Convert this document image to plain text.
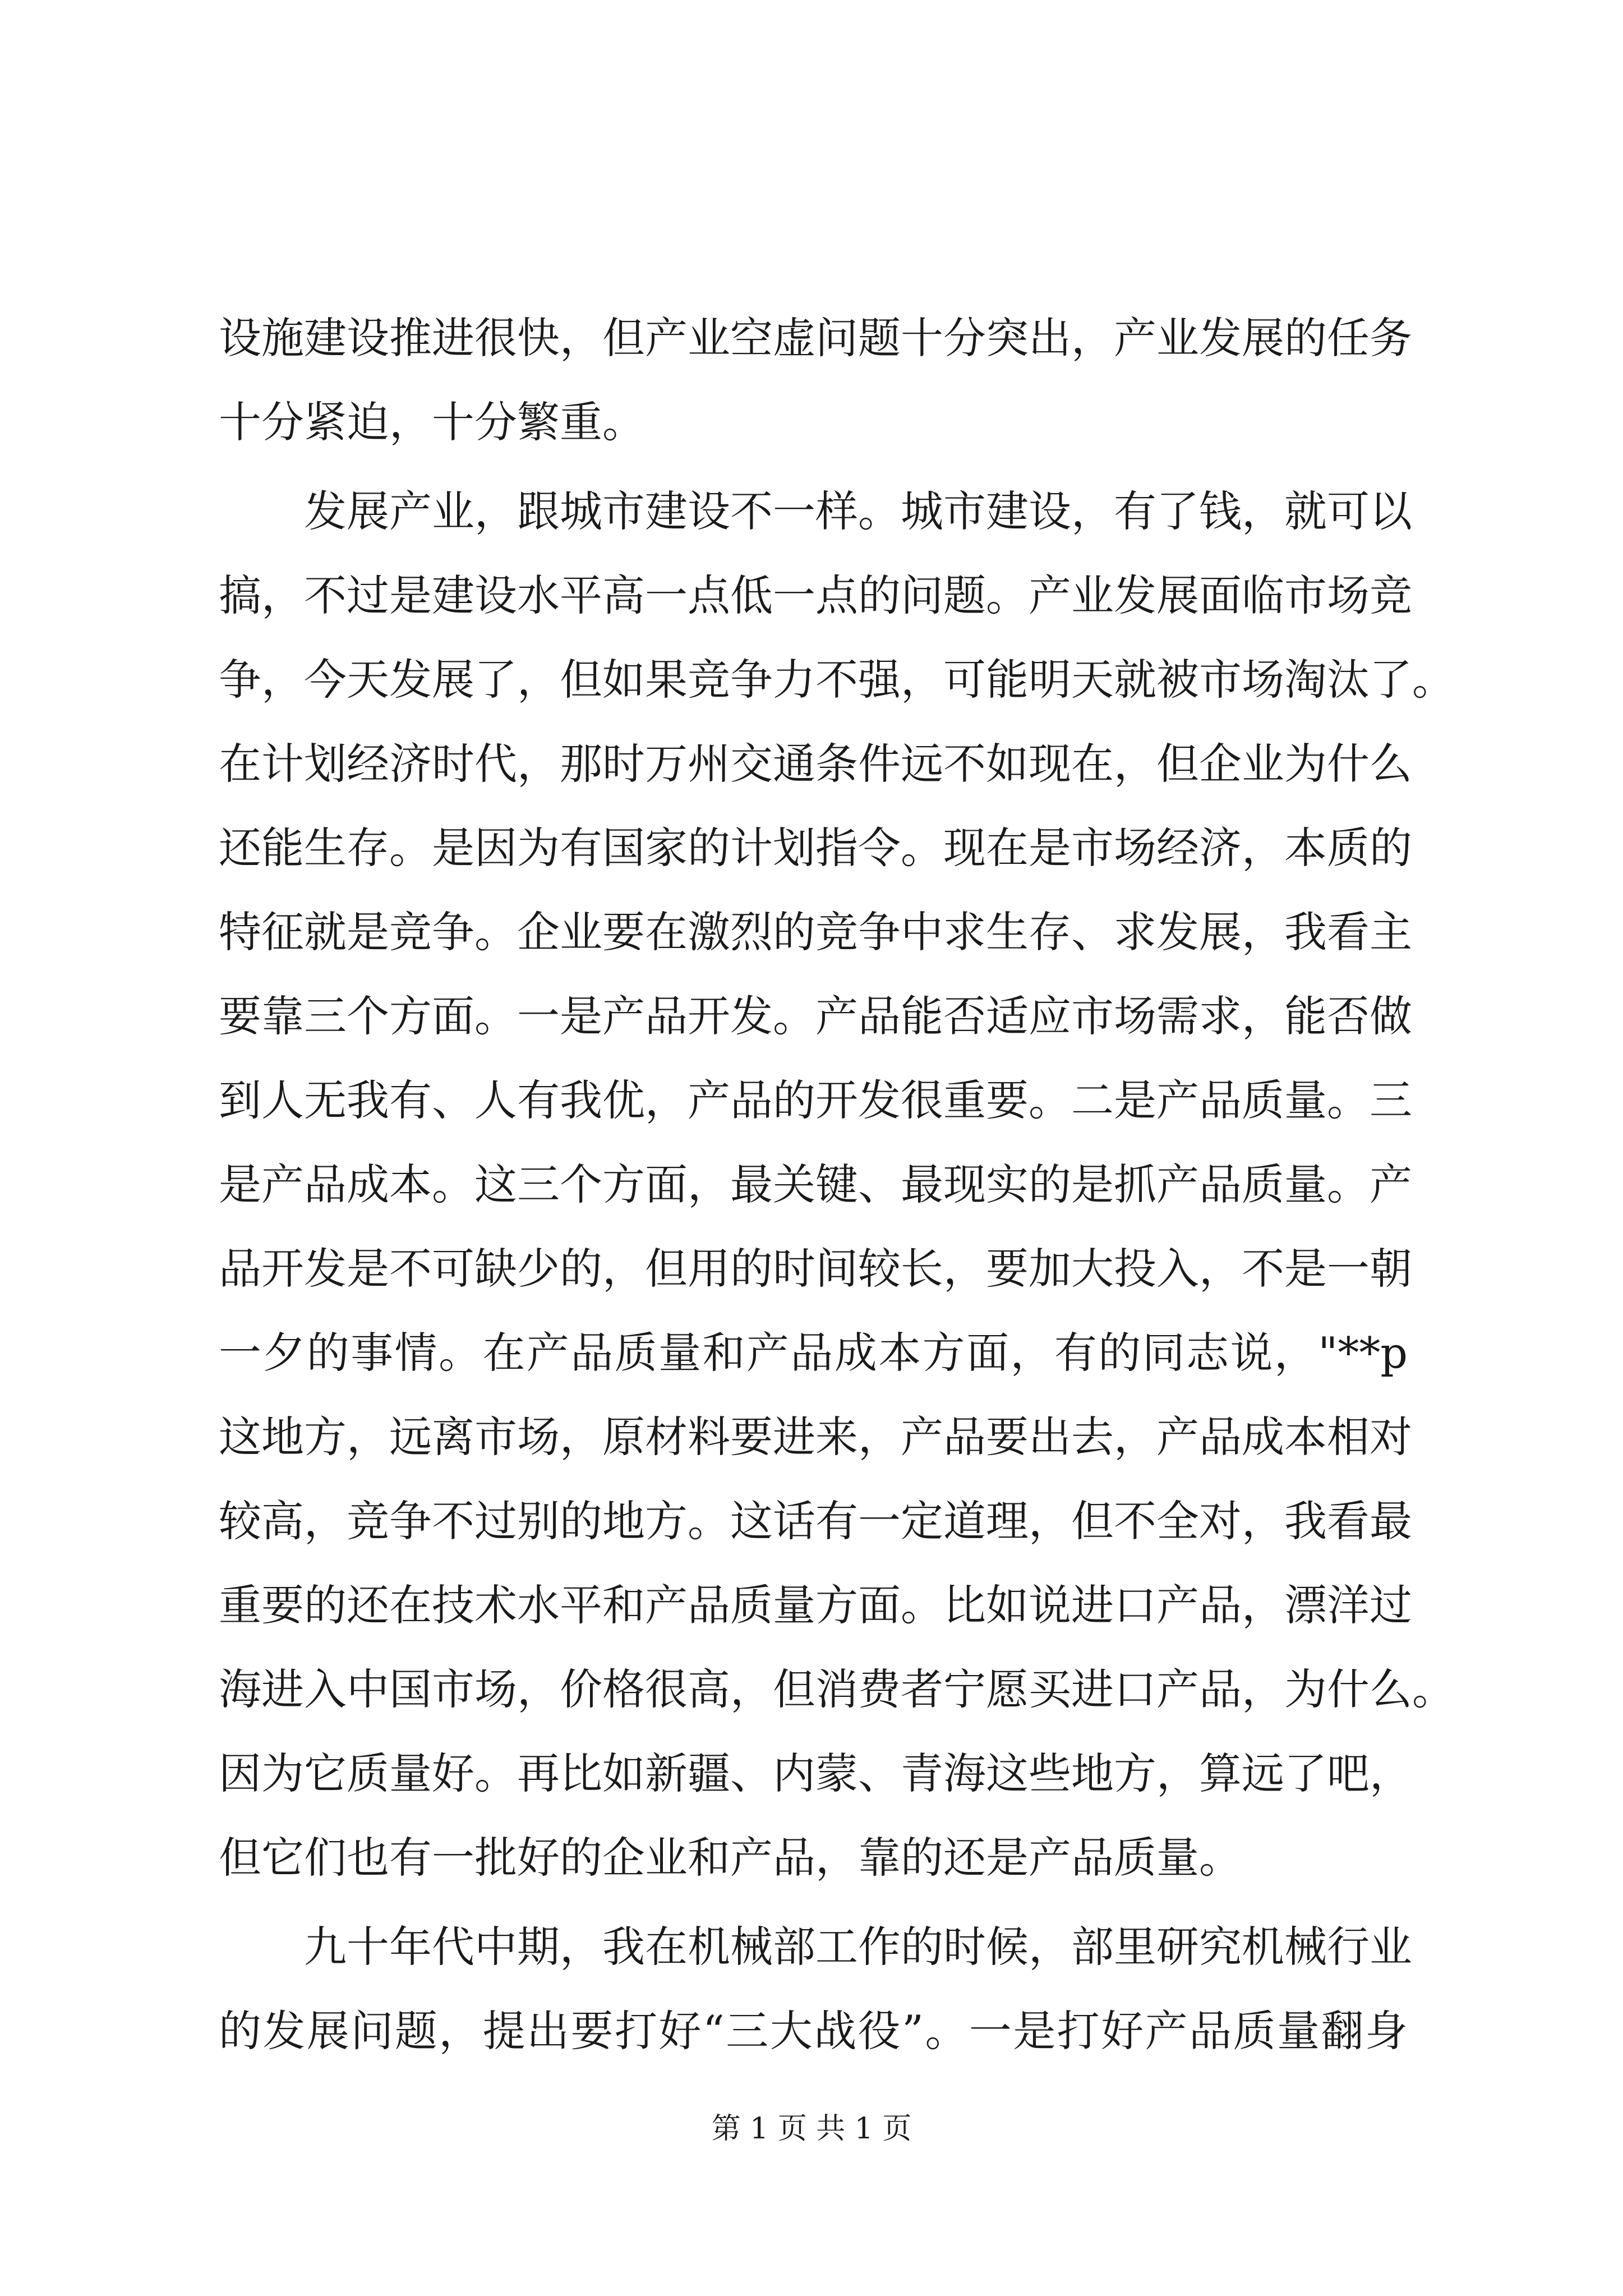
设施建设推进很快，但产业空虚问题十分突出，产业发展的任务
十分紧迫，十分繁重。
发展产业，跟城市建设不一样。城市建设，有了钱，就可以
搞，不过是建设水平高一点低一点的问题。产业发展面临市场竞
争，今天发展了，但如果竞争力不强，可能明天就被市场淘汰了。
在计划经济时代，那时万州交通条件远不如现在，但企业为什么
还能生存。是因为有国家的计划指令。现在是市场经济，本质的
特征就是竞争。企业要在激烈的竞争中求生存、求发展，我看主
要靠三个方面。一是产品开发。产品能否适应市场需求，能否做
到人无我有、人有我优，产品的开发很重要。二是产品质量。三
是产品成本。这三个方面，最关键、最现实的是抓产品质量。产
品开发是不可缺少的，但用的时间较长，要加大投入，不是一朝
一夕的事情。在产品质量和产品成本方面，有的同志说，"**p
这地方，远离市场，原材料要进来，产品要出去，产品成本相对
较高，竞争不过别的地方。这话有一定道理，但不全对，我看最
重要的还在技术水平和产品质量方面。比如说进口产品，漂洋过
海进入中国市场，价格很高，但消费者宁愿买进口产品，为什么。
因为它质量好。再比如新疆、内蒙、青海这些地方，算远了吧，
但它们也有一批好的企业和产品，靠的还是产品质量。
九十年代中期，我在机械部工作的时候，部里研究机械行业
的发展问题，提出要打好“三大战役”。一是打好产品质量翻身
第 1 页 共 1 页
